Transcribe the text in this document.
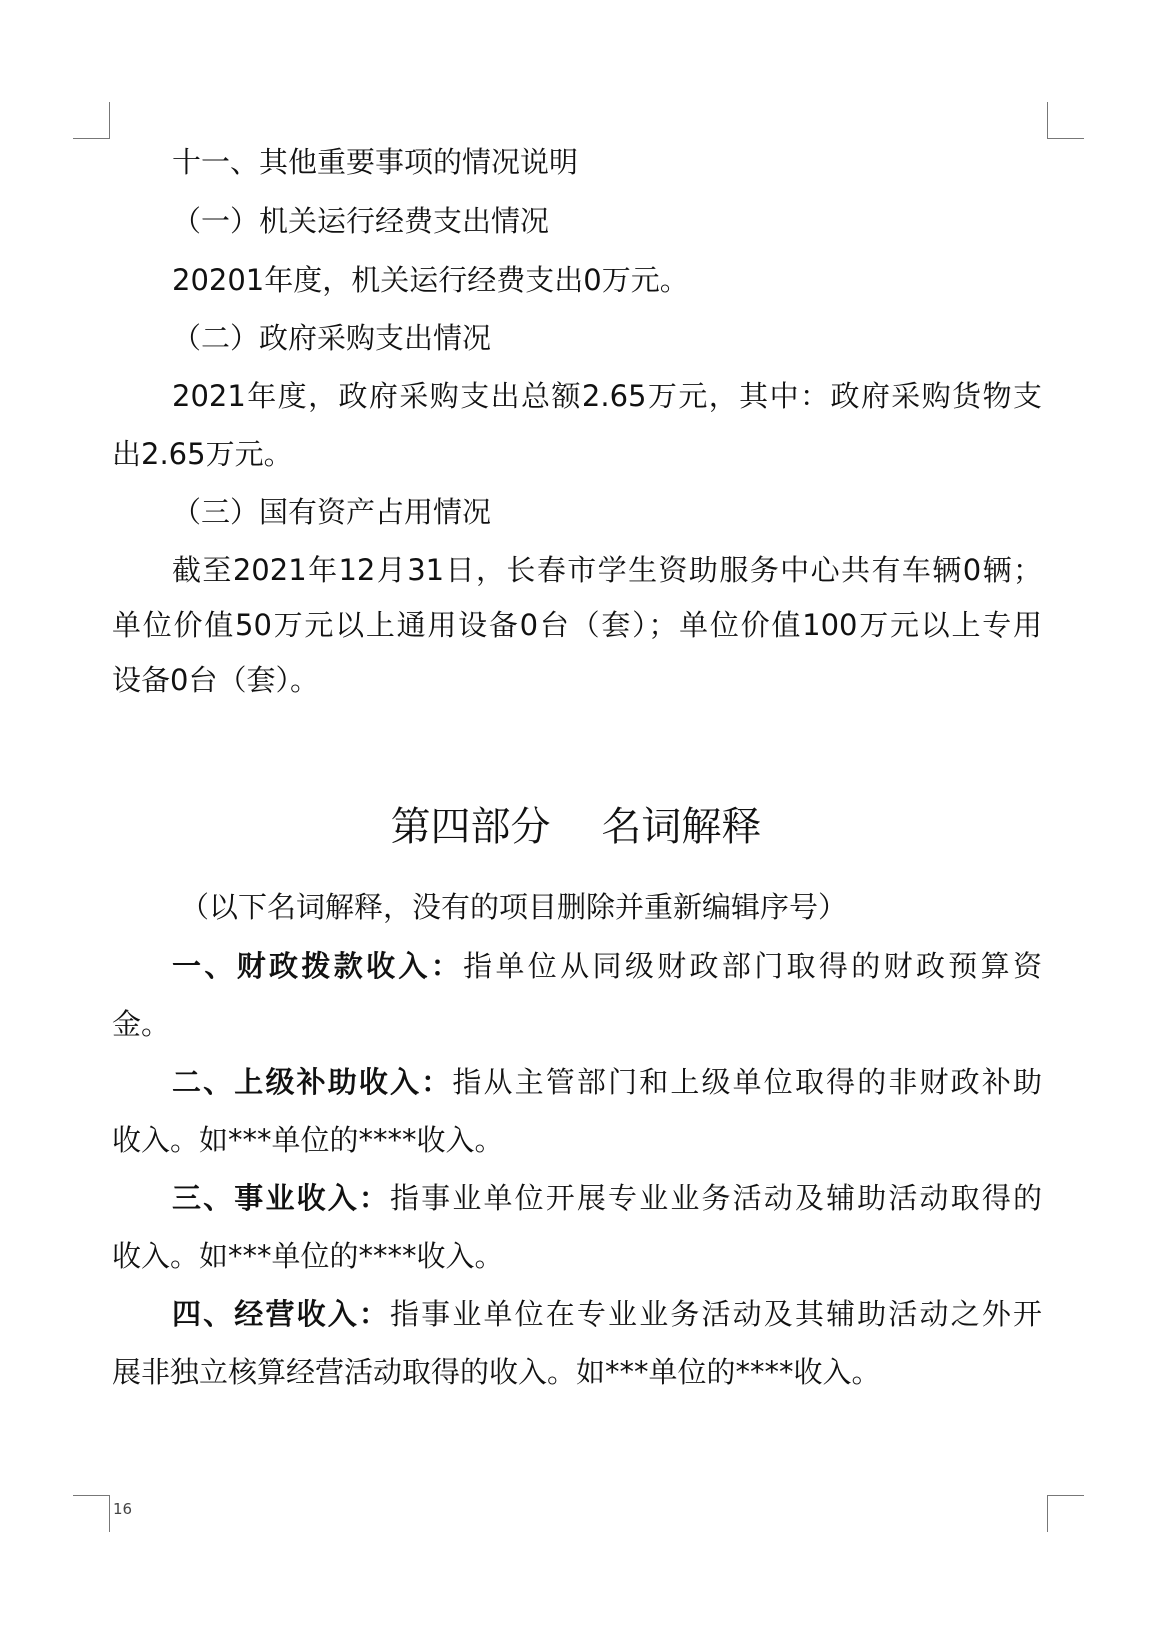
十一、其他重要事项的情况说明
（一）机关运行经费支出情况
20201年度，机关运行经费支出0万元。
（二）政府采购支出情况
2021年度，政府采购支出总额2.65万元，其中：政府采购货物支
出2.65万元。
（三）国有资产占用情况
截至2021年12月31日，长春市学生资助服务中心共有车辆0辆；
单位价值50万元以上通用设备0台（套）；单位价值100万元以上专用
设备0台（套）。
第四部分    名词解释
（以下名词解释，没有的项目删除并重新编辑序号）
一、财政拨款收入：指单位从同级财政部门取得的财政预算资
金。
二、上级补助收入：指从主管部门和上级单位取得的非财政补助
收入。如***单位的****收入。
三、事业收入：指事业单位开展专业业务活动及辅助活动取得的
收入。如***单位的****收入。
四、经营收入：指事业单位在专业业务活动及其辅助活动之外开
展非独立核算经营活动取得的收入。如***单位的****收入。
16
